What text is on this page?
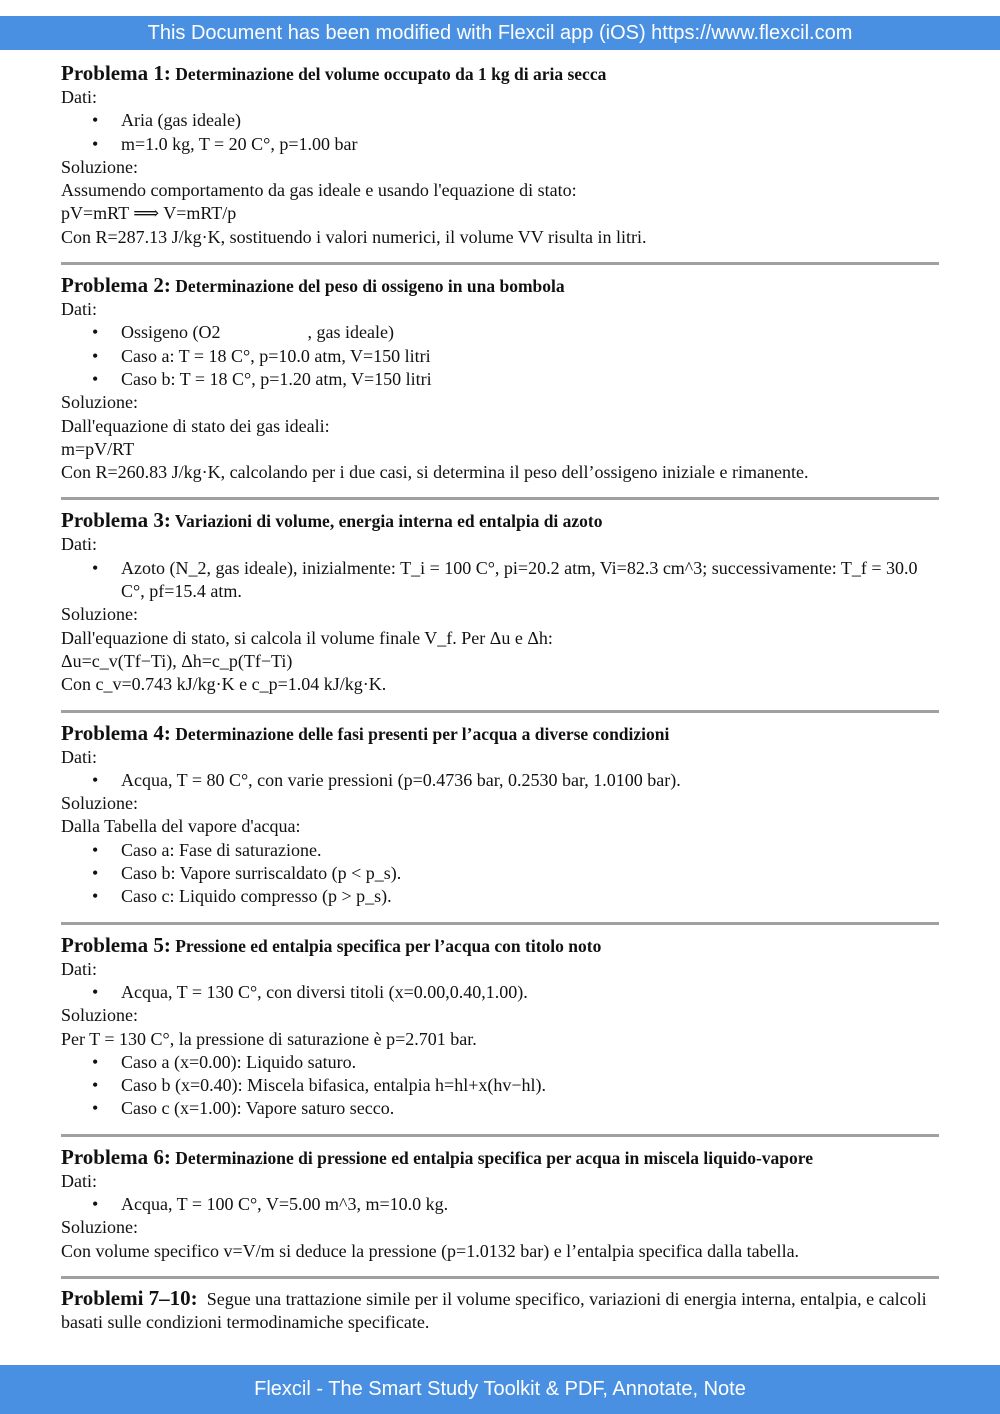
This Document has been modified with Flexcil app (iOS) https://www.flexcil.com
Problema 1: Determinazione del volume occupato da 1 kg di aria secca

Dati:

• Aria (gas ideale)
• m=1.0 kg, T = 20 C°, p=1.00 bar

Soluzione:

Assumendo comportamento da gas ideale e usando l'equazione di stato:

pV=mRT ⟹ V=mRT/p

Con R=287.13 J/kg·K, sostituendo i valori numerici, il volume VV risulta in litri.

Problema 2: Determinazione del peso di ossigeno in una bombola

Dati:

• Ossigeno (O2	, gas ideale)
• Caso a: T = 18 C°, p=10.0 atm, V=150 litri
• Caso b: T = 18 C°, p=1.20 atm, V=150 litri

Soluzione:

Dall'equazione di stato dei gas ideali:

m=pV/RT

Con R=260.83 J/kg·K, calcolando per i due casi, si determina il peso dell’ossigeno iniziale e rimanente.

Problema 3: Variazioni di volume, energia interna ed entalpia di azoto

Dati:

• Azoto (N_2, gas ideale), inizialmente: T_i = 100 C°, pi=20.2 atm, Vi=82.3 cm^3; successivamente: T_f = 30.0 C°, pf=15.4 atm.

Soluzione:

Dall'equazione di stato, si calcola il volume finale V_f. Per Δu e Δh:

Δu=c_v(Tf−Ti), Δh=c_p(Tf−Ti)

Con c_v=0.743 kJ/kg·K e c_p=1.04 kJ/kg·K.

Problema 4: Determinazione delle fasi presenti per l’acqua a diverse condizioni

Dati:

• Acqua, T = 80 C°, con varie pressioni (p=0.4736 bar, 0.2530 bar, 1.0100 bar).

Soluzione:

Dalla Tabella del vapore d'acqua:

• Caso a: Fase di saturazione.
• Caso b: Vapore surriscaldato (p < p_s).
• Caso c: Liquido compresso (p > p_s).
Problema 5: Pressione ed entalpia specifica per l’acqua con titolo noto

Dati:

• Acqua, T = 130 C°, con diversi titoli (x=0.00,0.40,1.00).

Soluzione:

Per T = 130 C°, la pressione di saturazione è p=2.701 bar.

• Caso a (x=0.00): Liquido saturo.
• Caso b (x=0.40): Miscela bifasica, entalpia h=hl+x(hv−hl).
• Caso c (x=1.00): Vapore saturo secco.
Problema 6: Determinazione di pressione ed entalpia specifica per acqua in miscela liquido-vapore

Dati:

• Acqua, T = 100 C°, V=5.00 m^3, m=10.0 kg.

Soluzione:

Con volume specifico v=V/m si deduce la pressione (p=1.0132 bar) e l’entalpia specifica dalla tabella.

Problemi 7–10: Segue una trattazione simile per il volume specifico, variazioni di energia interna, entalpia, e calcoli basati sulle condizioni termodinamiche specificate.

Flexcil - The Smart Study Toolkit & PDF, Annotate, Note
